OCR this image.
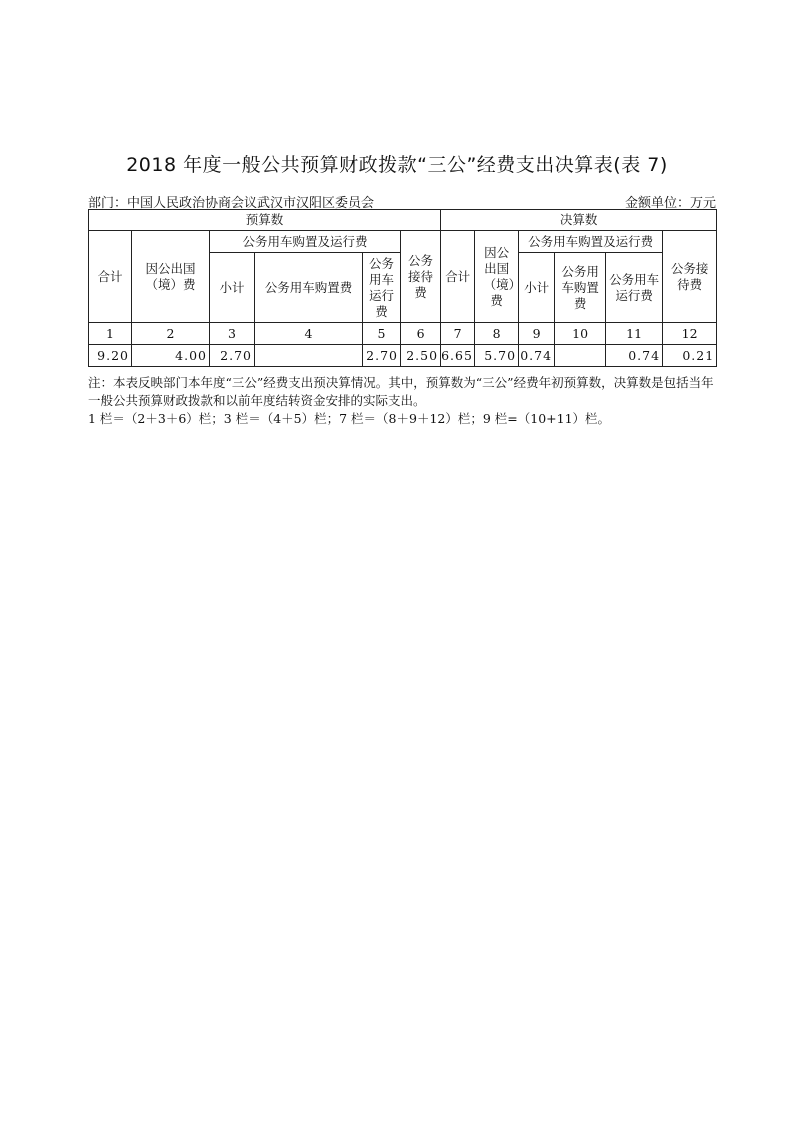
2018 年度一般公共预算财政拨款“三公”经费支出决算表(表 7)
部门：中国人民政治协商会议武汉市汉阳区委员会	金额单位：万元
预算数						决算数					
合计	因公出国（境）费	公务用车购置及运行费			公务接待费	合计	因公出国（境）费	公务用车购置及运行费			公务接待费

		小计	公务用车购置费	公务用车运行费				小计	公务用车购置费	公务用车运行费	

1	2	3	4	5	6	7	8	9	10	11	12
9.20	4.00	2.70		2.70	2.50	6.65	5.70	0.74		0.74	0.21
注：本表反映部门本年度“三公”经费支出预决算情况。其中，预算数为“三公”经费年初预算数，决算数是包括当年一般公共预算财政拨款和以前年度结转资金安排的实际支出。
1 栏＝（2＋3＋6）栏；3 栏＝（4＋5）栏；7 栏＝（8＋9＋12）栏；9 栏=（10+11）栏。
